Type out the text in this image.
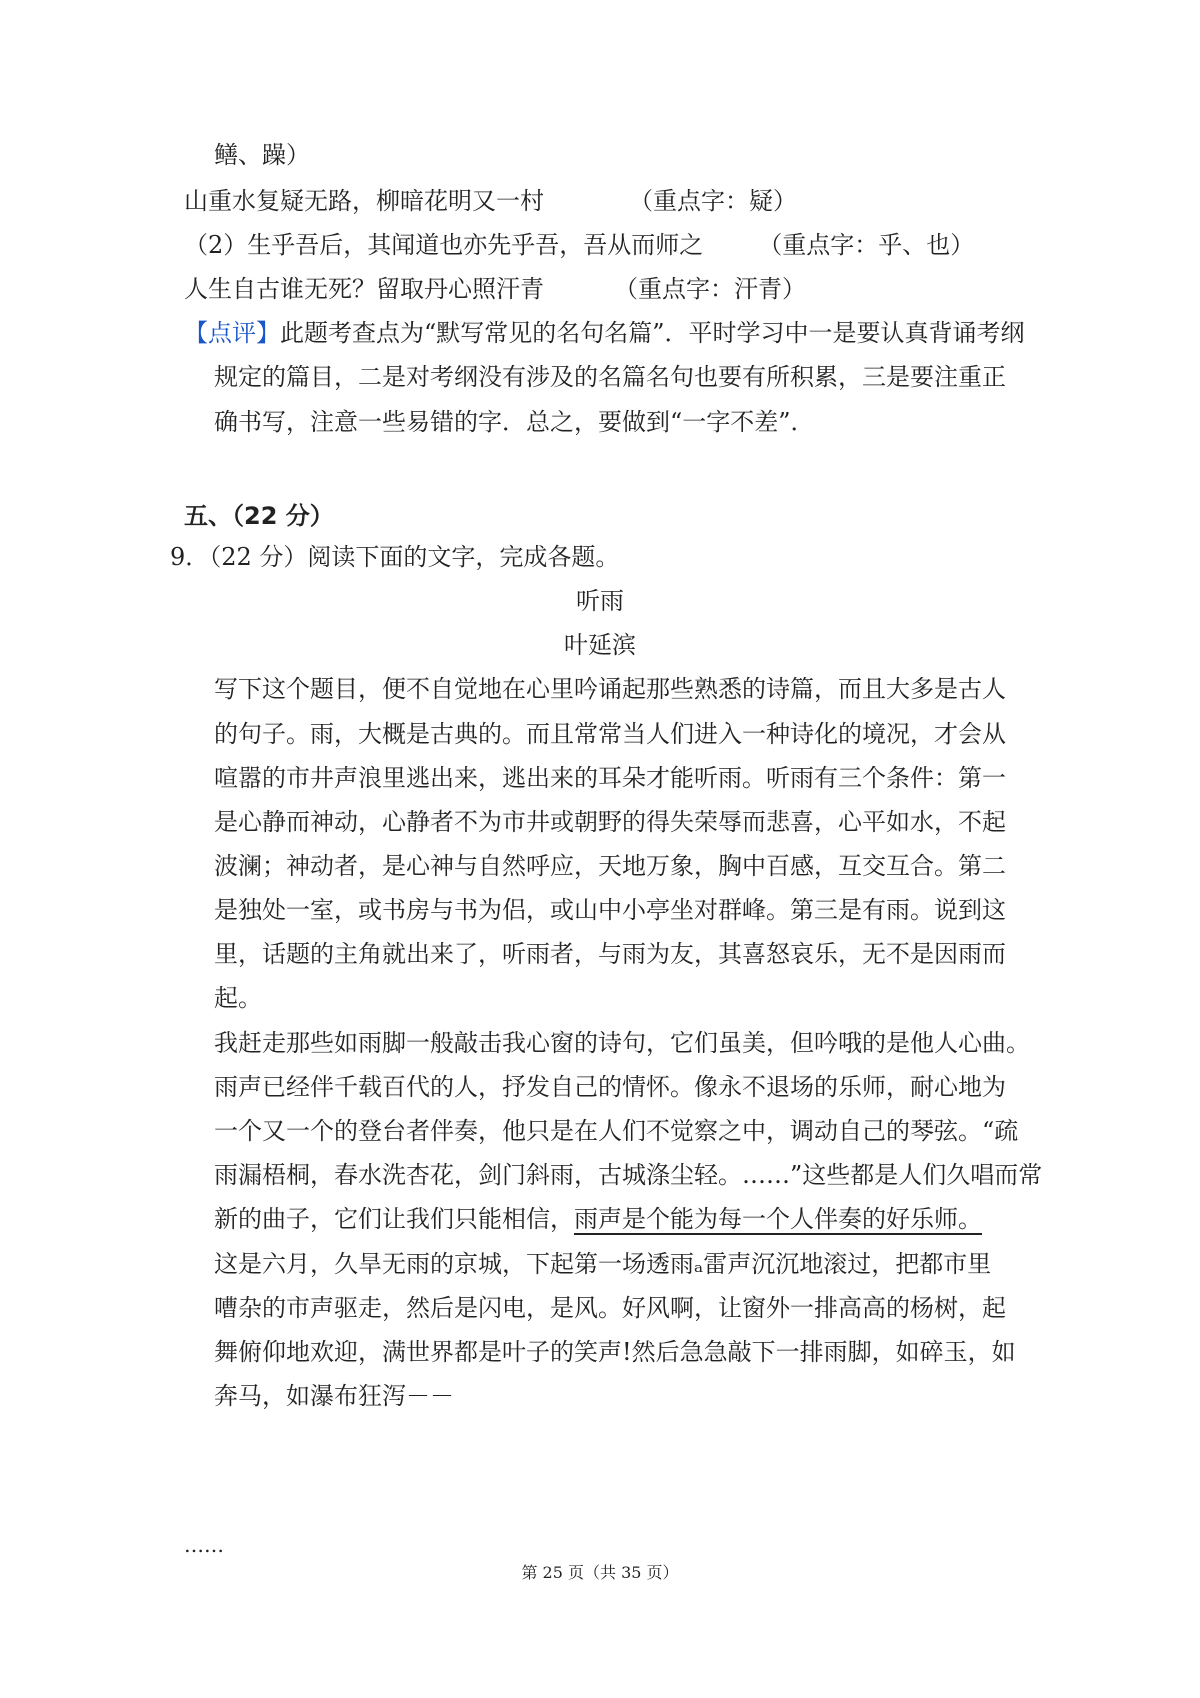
鳝、躁）
山重水复疑无路，柳暗花明又一村	（重点字：疑）
（2）生乎吾后，其闻道也亦先乎吾，吾从而师之 （重点字：乎、也）
人生自古谁无死？留取丹心照汗青	（重点字：汗青）
【点评】此题考查点为“默写常见的名句名篇”．平时学习中一是要认真背诵考纲
规定的篇目，二是对考纲没有涉及的名篇名句也要有所积累，三是要注重正
确书写，注意一些易错的字．总之，要做到“一字不差”．
五、（22 分）
9．（22 分）阅读下面的文字，完成各题。
听雨
叶延滨
写下这个题目，便不自觉地在心里吟诵起那些熟悉的诗篇，而且大多是古人
的句子。雨，大概是古典的。而且常常当人们进入一种诗化的境况，才会从
喧嚣的市井声浪里逃出来，逃出来的耳朵才能听雨。听雨有三个条件：第一
是心静而神动，心静者不为市井或朝野的得失荣辱而悲喜，心平如水，不起
波澜；神动者，是心神与自然呼应，天地万象，胸中百感，互交互合。第二
是独处一室，或书房与书为侣，或山中小亭坐对群峰。第三是有雨。说到这
里，话题的主角就出来了，听雨者，与雨为友，其喜怒哀乐，无不是因雨而
起。
我赶走那些如雨脚一般敲击我心窗的诗句，它们虽美，但吟哦的是他人心曲。
雨声已经伴千载百代的人，抒发自己的情怀。像永不退场的乐师，耐心地为
一个又一个的登台者伴奏，他只是在人们不觉察之中，调动自己的琴弦。“疏
雨漏梧桐，春水洗杏花，剑门斜雨，古城涤尘轻。……”这些都是人们久唱而常
新的曲子，它们让我们只能相信，雨声是个能为每一个人伴奏的好乐师。
这是六月，久旱无雨的京城，下起第一场透雨ₐ雷声沉沉地滚过，把都市里
嘈杂的市声驱走，然后是闪电，是风。好风啊，让窗外一排高高的杨树，起
舞俯仰地欢迎，满世界都是叶子的笑声!然后急急敲下一排雨脚，如碎玉，如
奔马，如瀑布狂泻－－
……
第 25 页（共 35 页）
